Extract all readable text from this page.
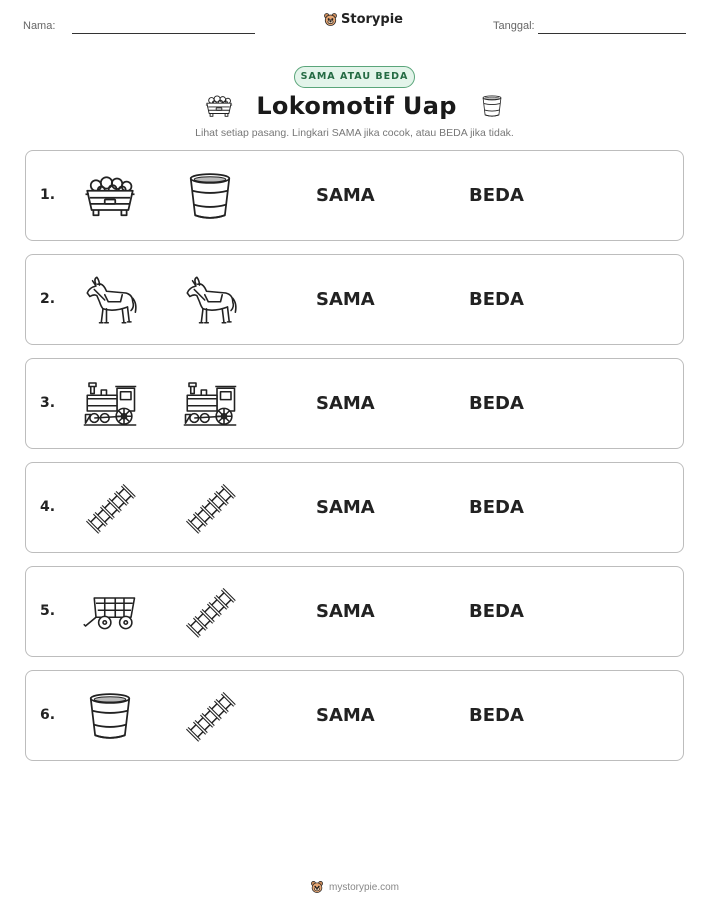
Nama:	Storypie	Tanggal:
SAMA ATAU BEDA
Lokomotif Uap
Lihat setiap pasang. Lingkari SAMA jika cocok, atau BEDA jika tidak.
1.	SAMA	BEDA
2.	SAMA	BEDA
3.	SAMA	BEDA
4.	SAMA	BEDA
5.	SAMA	BEDA
6.	SAMA	BEDA
mystorypie.com
